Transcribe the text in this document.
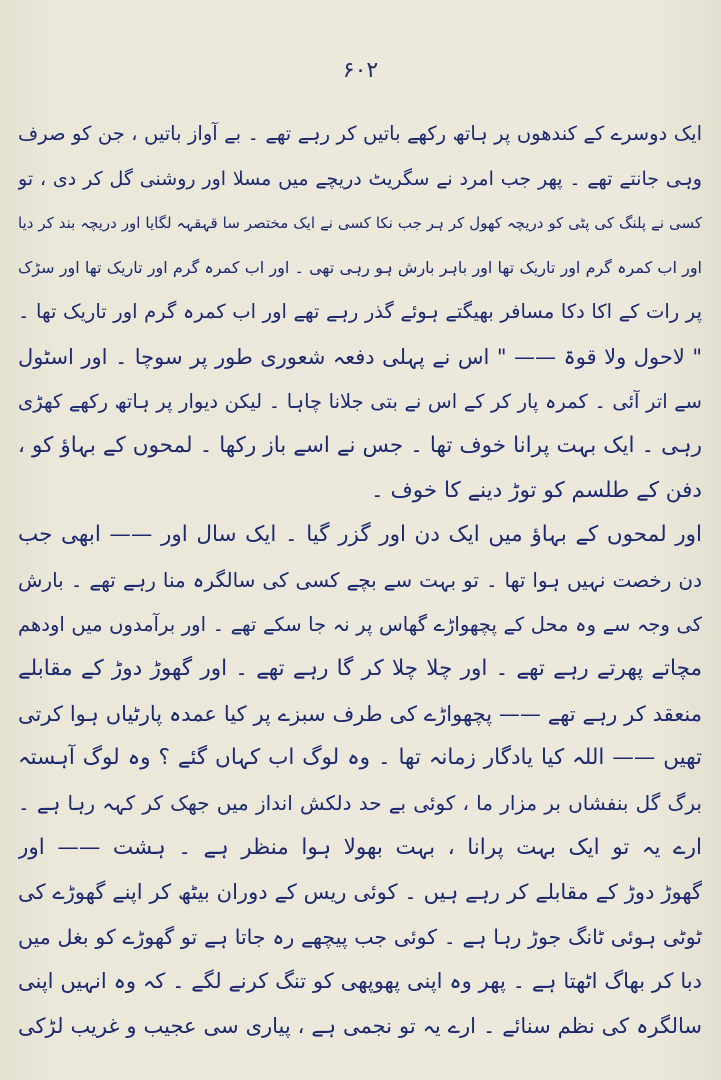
۶۰۲
ایک دوسرے کے کندھوں پر ہاتھ رکھے باتیں کر رہے تھے ۔ بے آواز باتیں ، جن کو صرف
وہی جانتے تھے ۔ پھر جب امرد نے سگریٹ دریچے میں مسلا اور روشنی گل کر دی ، تو
کسی نے پلنگ کی پٹی کو دریچہ کھول کر ہر جب نکا کسی نے ایک مختصر سا قہقہہ لگایا اور دریچہ بند کر دیا
اور اب کمرہ گرم اور تاریک تھا اور باہر بارش ہو رہی تھی ۔ اور اب کمرہ گرم اور تاریک تھا اور سڑک
پر رات کے اکا دکا مسافر بھیگتے ہوئے گذر رہے تھے اور اب کمرہ گرم اور تاریک تھا ۔
" لاحول ولا قوۃ —— " اس نے پہلی دفعہ شعوری طور پر سوچا ۔ اور اسٹول
سے اتر آئی ۔ کمرہ پار کر کے اس نے بتی جلانا چاہا ۔ لیکن دیوار پر ہاتھ رکھے کھڑی
رہی ۔ ایک بہت پرانا خوف تھا ۔ جس نے اسے باز رکھا ۔ لمحوں کے بہاؤ کو ،
دفن کے طلسم کو توڑ دینے کا خوف ۔
اور لمحوں کے بہاؤ میں ایک دن اور گزر گیا ۔ ایک سال اور —— ابھی جب
دن رخصت نہیں ہوا تھا ۔ تو بہت سے بچے کسی کی سالگرہ منا رہے تھے ۔ بارش
کی وجہ سے وہ محل کے پچھواڑے گھاس پر نہ جا سکے تھے ۔ اور برآمدوں میں اودھم
مچاتے پھرتے رہے تھے ۔ اور چلا چلا کر گا رہے تھے ۔ اور گھوڑ دوڑ کے مقابلے
منعقد کر رہے تھے —— پچھواڑے کی طرف سبزے پر کیا عمدہ پارٹیاں ہوا کرتی
تھیں —— اللہ کیا یادگار زمانہ تھا ۔ وہ لوگ اب کہاں گئے ؟ وہ لوگ آہستہ
برگ گل بنفشاں بر مزار ما ، کوئی بے حد دلکش انداز میں جھک کر کہہ رہا ہے ۔
ارے یہ تو ایک بہت پرانا ، بہت بھولا ہوا منظر ہے ۔ ہشت —— اور
گھوڑ دوڑ کے مقابلے کر رہے ہیں ۔ کوئی ریس کے دوران بیٹھ کر اپنے گھوڑے کی
ٹوٹی ہوئی ٹانگ جوڑ رہا ہے ۔ کوئی جب پیچھے رہ جاتا ہے تو گھوڑے کو بغل میں
دبا کر بھاگ اٹھتا ہے ۔ پھر وہ اپنی پھوپھی کو تنگ کرنے لگے ۔ کہ وہ انہیں اپنی
سالگرہ کی نظم سنائے ۔ ارے یہ تو نجمی ہے ، پیاری سی عجیب و غریب لڑکی
